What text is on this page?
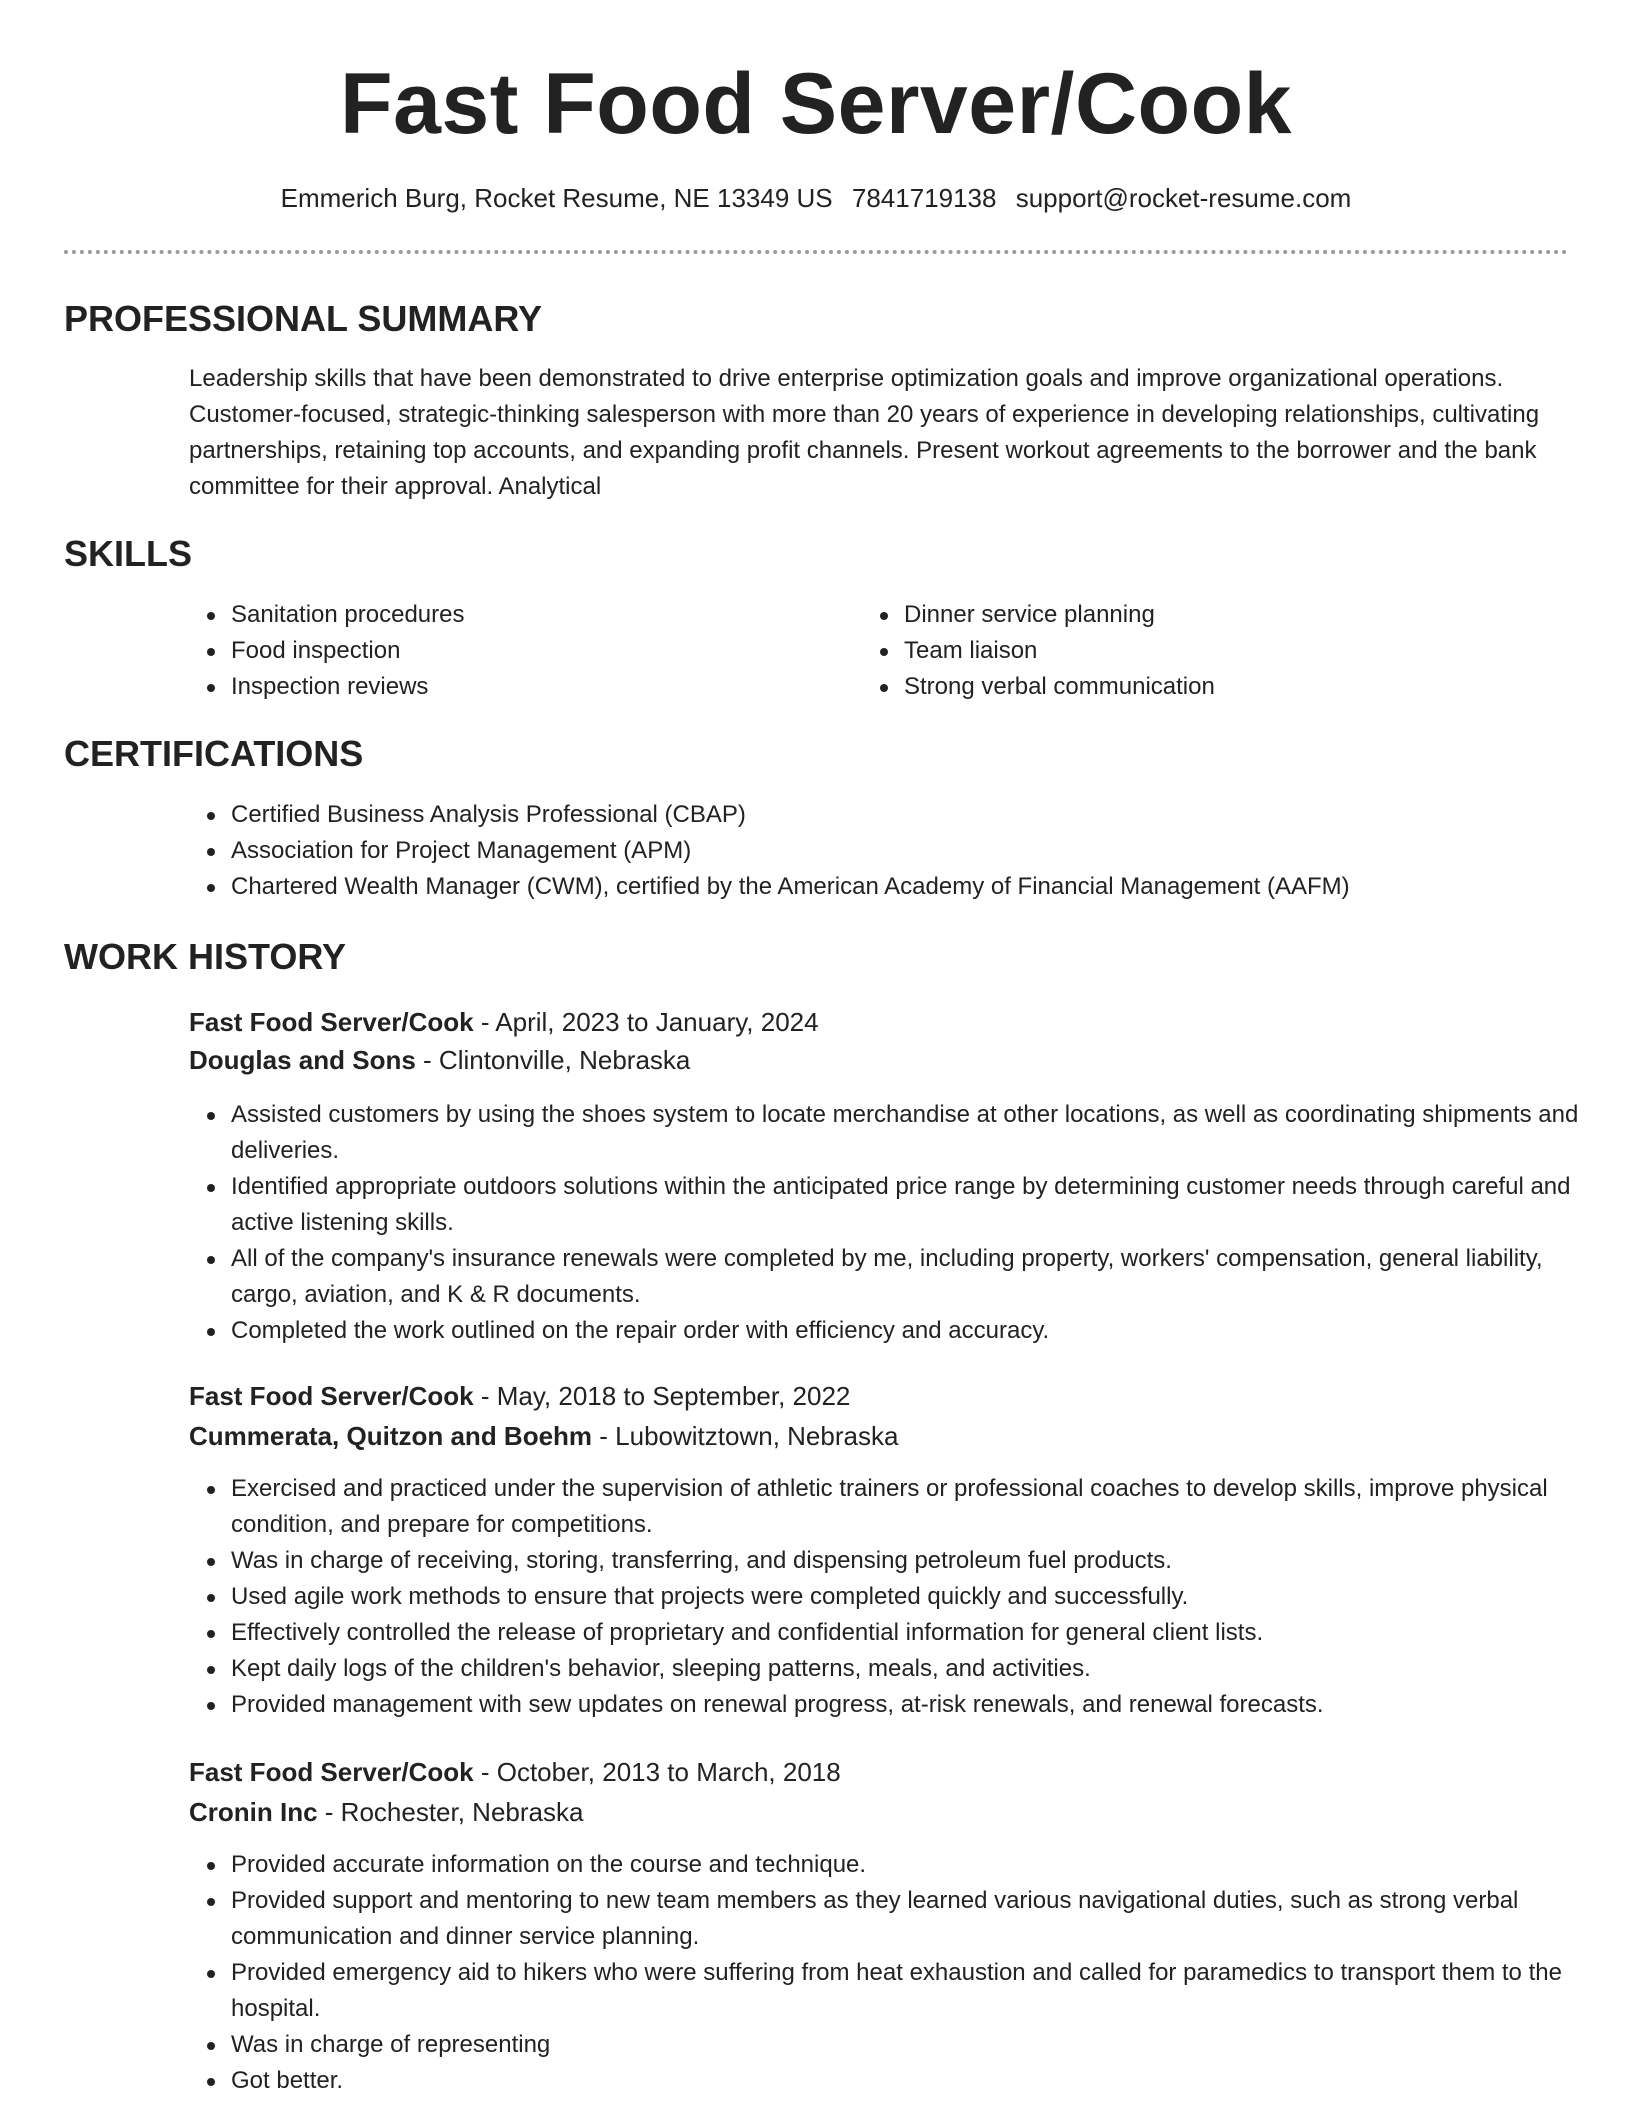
Fast Food Server/Cook
Emmerich Burg, Rocket Resume, NE 13349 US 7841719138 support@rocket-resume.com
PROFESSIONAL SUMMARY

Leadership skills that have been demonstrated to drive enterprise optimization goals and improve organizational operations. Customer-focused, strategic-thinking salesperson with more than 20 years of experience in developing relationships, cultivating partnerships, retaining top accounts, and expanding profit channels. Present workout agreements to the borrower and the bank committee for their approval. Analytical

SKILLS
Sanitation procedures
Food inspection
Inspection reviews
Dinner service planning
Team liaison
Strong verbal communication
CERTIFICATIONS
Certified Business Analysis Professional (CBAP)
Association for Project Management (APM)
Chartered Wealth Manager (CWM), certified by the American Academy of Financial Management (AAFM)
WORK HISTORY
Fast Food Server/Cook - April, 2023 to January, 2024
Douglas and Sons - Clintonville, Nebraska
Assisted customers by using the shoes system to locate merchandise at other locations, as well as coordinating shipments and deliveries.
Identified appropriate outdoors solutions within the anticipated price range by determining customer needs through careful and active listening skills.
All of the company's insurance renewals were completed by me, including property, workers' compensation, general liability, cargo, aviation, and K & R documents.
Completed the work outlined on the repair order with efficiency and accuracy.
Fast Food Server/Cook - May, 2018 to September, 2022
Cummerata, Quitzon and Boehm - Lubowitztown, Nebraska
Exercised and practiced under the supervision of athletic trainers or professional coaches to develop skills, improve physical condition, and prepare for competitions.
Was in charge of receiving, storing, transferring, and dispensing petroleum fuel products.
Used agile work methods to ensure that projects were completed quickly and successfully.
Effectively controlled the release of proprietary and confidential information for general client lists.
Kept daily logs of the children's behavior, sleeping patterns, meals, and activities.
Provided management with sew updates on renewal progress, at-risk renewals, and renewal forecasts.
Fast Food Server/Cook - October, 2013 to March, 2018
Cronin Inc - Rochester, Nebraska
Provided accurate information on the course and technique.
Provided support and mentoring to new team members as they learned various navigational duties, such as strong verbal communication and dinner service planning.
Provided emergency aid to hikers who were suffering from heat exhaustion and called for paramedics to transport them to the hospital.
Was in charge of representing
Got better.
